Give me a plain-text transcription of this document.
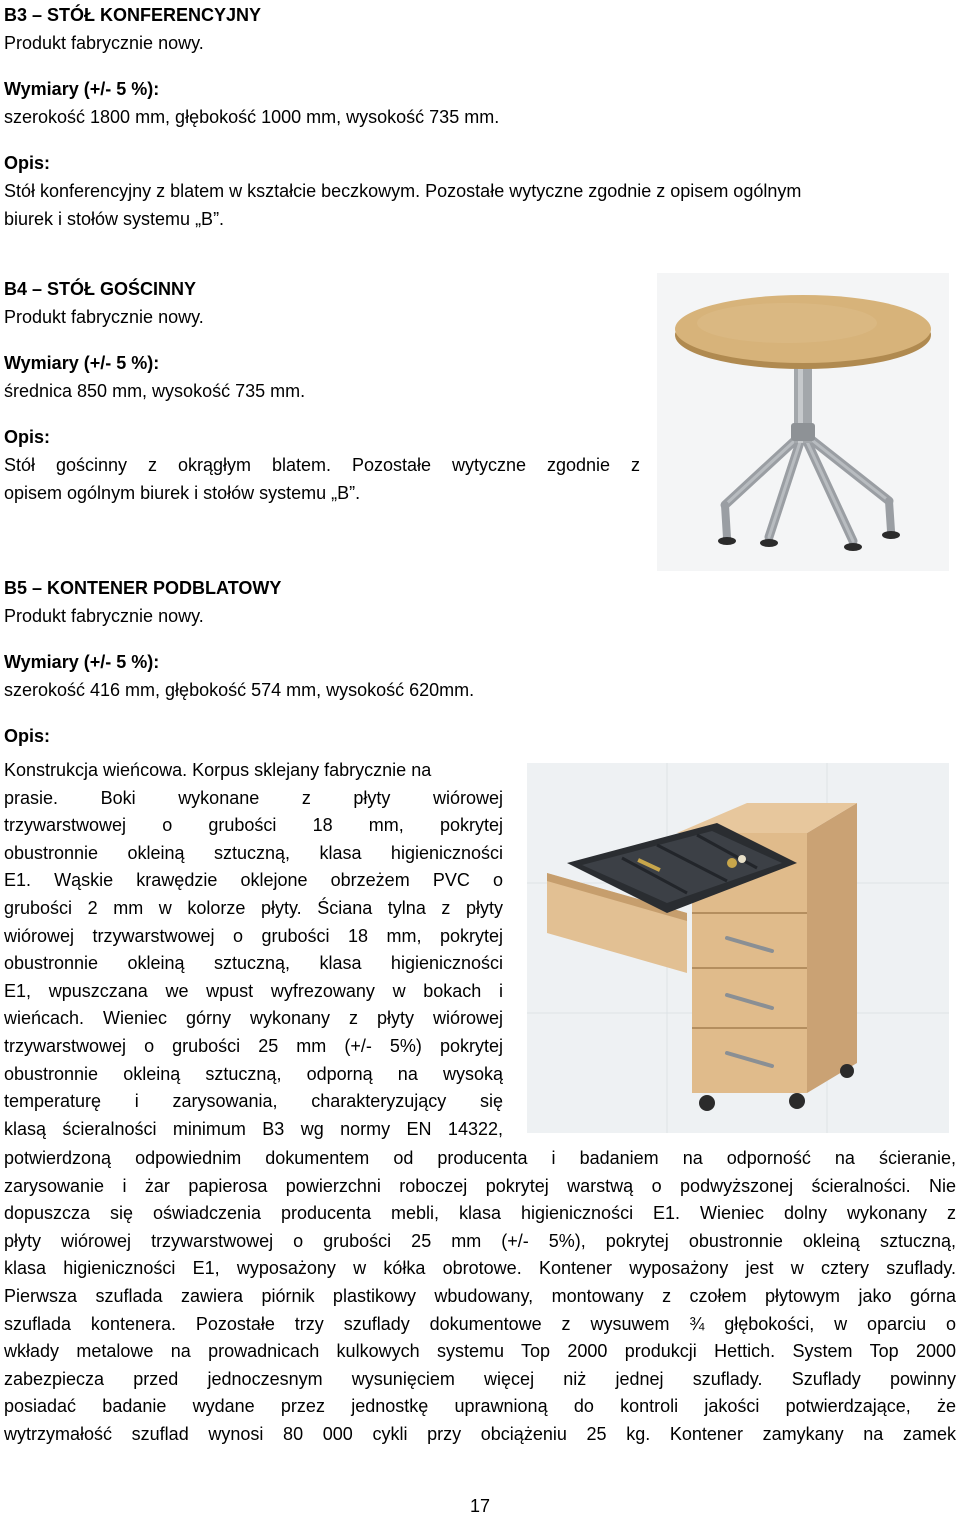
B3 – STÓŁ KONFERENCYJNY
Produkt fabrycznie nowy.
Wymiary (+/- 5 %):
szerokość 1800 mm, głębokość 1000 mm, wysokość 735 mm.
Opis:
Stół konferencyjny z blatem w kształcie beczkowym. Pozostałe wytyczne zgodnie z opisem ogólnym
biurek i stołów systemu „B”.
B4 – STÓŁ GOŚCINNY
Produkt fabrycznie nowy.
Wymiary (+/- 5 %):
średnica 850 mm, wysokość 735 mm.
Opis:
Stół gościnny z okrągłym blatem. Pozostałe wytyczne zgodnie z
opisem ogólnym biurek i stołów systemu „B”.
B5 – KONTENER PODBLATOWY
Produkt fabrycznie nowy.
Wymiary (+/- 5 %):
szerokość 416 mm, głębokość 574 mm, wysokość 620mm.
Opis:
Konstrukcja wieńcowa. Korpus sklejany fabrycznie na
prasie. Boki wykonane z płyty wiórowej
trzywarstwowej o grubości 18 mm, pokrytej
obustronnie okleiną sztuczną, klasa higieniczności
E1. Wąskie krawędzie oklejone obrzeżem PVC o
grubości 2 mm w kolorze płyty. Ściana tylna z płyty
wiórowej trzywarstwowej o grubości 18 mm, pokrytej
obustronnie okleiną sztuczną, klasa higieniczności
E1, wpuszczana we wpust wyfrezowany w bokach i
wieńcach. Wieniec górny wykonany z płyty wiórowej
trzywarstwowej o grubości 25 mm (+/- 5%) pokrytej
obustronnie okleiną sztuczną, odporną na wysoką
temperaturę i zarysowania, charakteryzujący się
klasą ścieralności minimum B3 wg normy EN 14322,
potwierdzoną odpowiednim dokumentem od producenta i badaniem na odporność na ścieranie,
zarysowanie i żar papierosa powierzchni roboczej pokrytej warstwą o podwyższonej ścieralności. Nie
dopuszcza się oświadczenia producenta mebli, klasa higieniczności E1. Wieniec dolny wykonany z
płyty wiórowej trzywarstwowej o grubości 25 mm (+/- 5%), pokrytej obustronnie okleiną sztuczną,
klasa higieniczności E1, wyposażony w kółka obrotowe. Kontener wyposażony jest w cztery szuflady.
Pierwsza szuflada zawiera piórnik plastikowy wbudowany, montowany z czołem płytowym jako górna
szuflada kontenera. Pozostałe trzy szuflady dokumentowe z wysuwem ¾ głębokości, w oparciu o
wkłady metalowe na prowadnicach kulkowych systemu Top 2000 produkcji Hettich. System Top 2000
zabezpiecza przed jednoczesnym wysunięciem więcej niż jednej szuflady. Szuflady powinny
posiadać badanie wydane przez jednostkę uprawnioną do kontroli jakości potwierdzające, że
wytrzymałość szuflad wynosi 80 000 cykli przy obciążeniu 25 kg. Kontener zamykany na zamek
17
